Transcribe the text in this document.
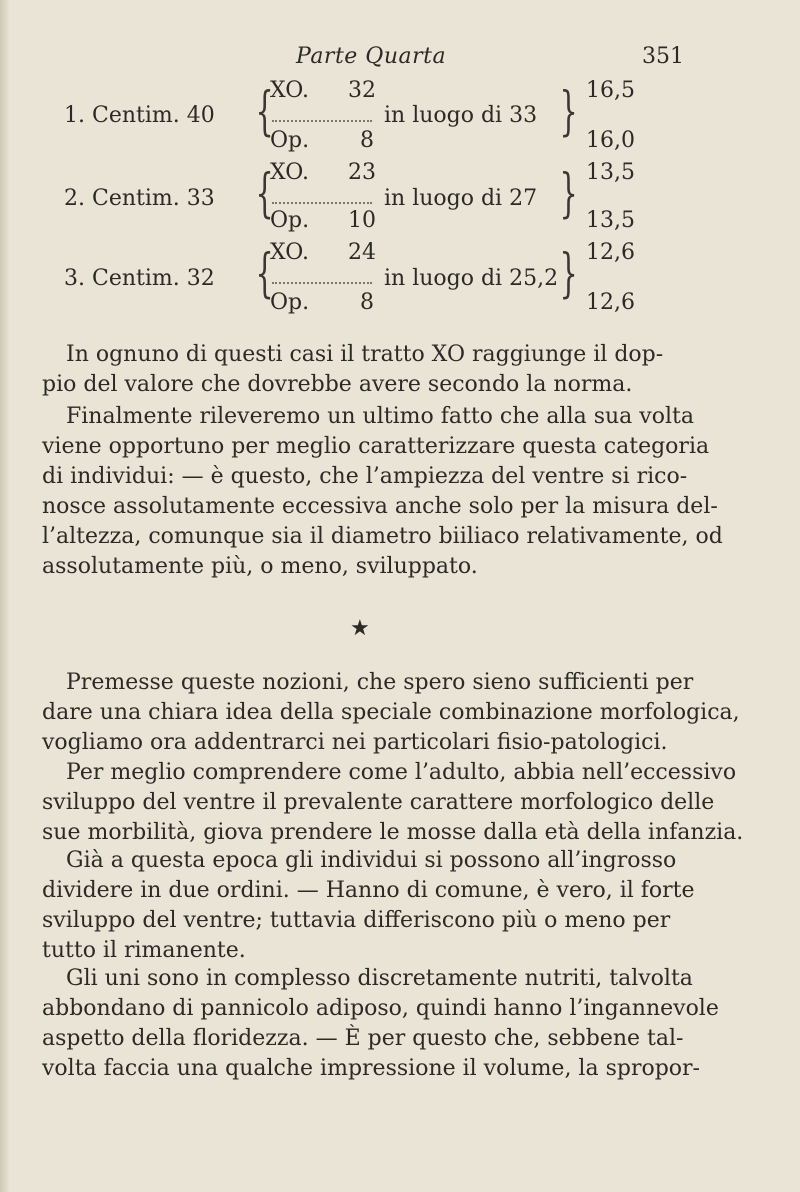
Parte Quarta	351
1. Centim. 40 {
XO. 32
Op. 8
in luogo di 33 } 16,5
16,0
2. Centim. 33 {
XO. 23
Op. 10
in luogo di 27 } 13,5
13,5
3. Centim. 32 {
XO. 24
Op. 8
in luogo di 25,2 } 12,6
12,6
In ognuno di questi casi il tratto XO raggiunge il dop-
pio del valore che dovrebbe avere secondo la norma.
Finalmente rileveremo un ultimo fatto che alla sua volta
viene opportuno per meglio caratterizzare questa categoria
di individui: — è questo, che l’ampiezza del ventre si rico-
nosce assolutamente eccessiva anche solo per la misura del-
l’altezza, comunque sia il diametro biiliaco relativamente, od
assolutamente più, o meno, sviluppato.
★
Premesse queste nozioni, che spero sieno sufficienti per
dare una chiara idea della speciale combinazione morfologica,
vogliamo ora addentrarci nei particolari fisio-patologici.
Per meglio comprendere come l’adulto, abbia nell’eccessivo
sviluppo del ventre il prevalente carattere morfologico delle
sue morbilità, giova prendere le mosse dalla età della infanzia.
Già a questa epoca gli individui si possono all’ingrosso
dividere in due ordini. — Hanno di comune, è vero, il forte
sviluppo del ventre; tuttavia differiscono più o meno per
tutto il rimanente.
Gli uni sono in complesso discretamente nutriti, talvolta
abbondano di pannicolo adiposo, quindi hanno l’ingannevole
aspetto della floridezza. — È per questo che, sebbene tal-
volta faccia una qualche impressione il volume, la spropor-
